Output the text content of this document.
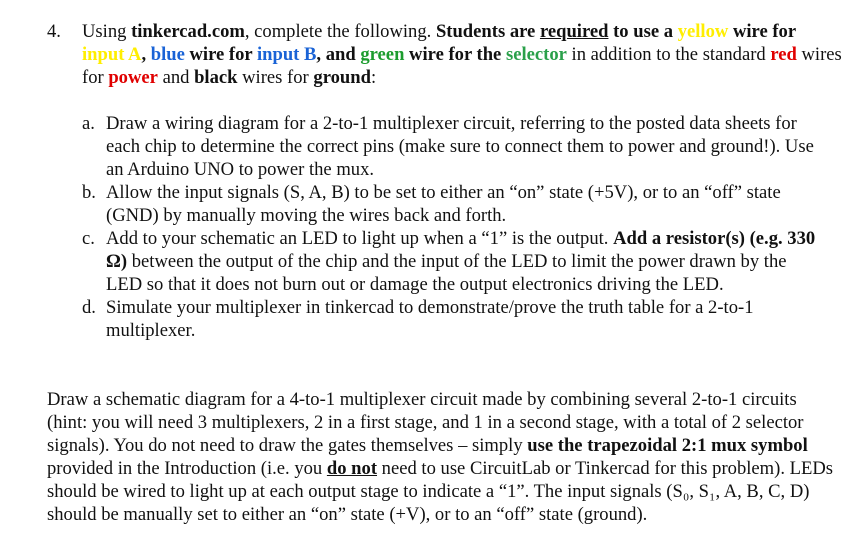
4. Using tinkercad.com, complete the following. Students are required to use a yellow wire for input A, blue wire for input B, and green wire for the selector in addition to the standard red wires for power and black wires for ground:
a. Draw a wiring diagram for a 2-to-1 multiplexer circuit, referring to the posted data sheets for each chip to determine the correct pins (make sure to connect them to power and ground!). Use an Arduino UNO to power the mux.
b. Allow the input signals (S, A, B) to be set to either an “on” state (+5V), or to an “off” state (GND) by manually moving the wires back and forth.
c. Add to your schematic an LED to light up when a “1” is the output. Add a resistor(s) (e.g. 330 Ω) between the output of the chip and the input of the LED to limit the power drawn by the LED so that it does not burn out or damage the output electronics driving the LED.
d. Simulate your multiplexer in tinkercad to demonstrate/prove the truth table for a 2-to-1 multiplexer.
Draw a schematic diagram for a 4-to-1 multiplexer circuit made by combining several 2-to-1 circuits (hint: you will need 3 multiplexers, 2 in a first stage, and 1 in a second stage, with a total of 2 selector signals). You do not need to draw the gates themselves – simply use the trapezoidal 2:1 mux symbol provided in the Introduction (i.e. you do not need to use CircuitLab or Tinkercad for this problem). LEDs should be wired to light up at each output stage to indicate a “1”. The input signals (S₀, S₁, A, B, C, D) should be manually set to either an “on” state (+V), or to an “off” state (ground).
